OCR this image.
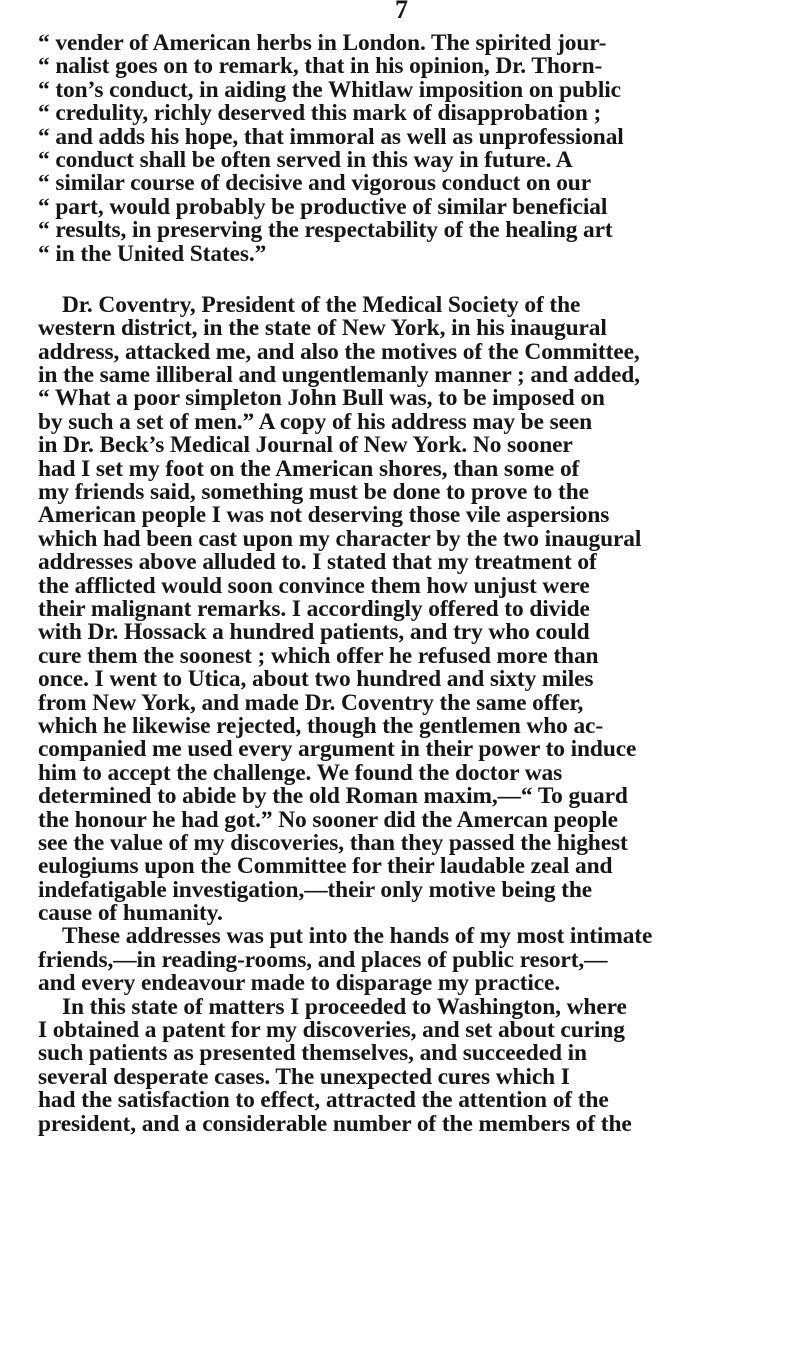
7
“ vender of American herbs in London. The spirited jour-
“ nalist goes on to remark, that in his opinion, Dr. Thorn-
“ ton’s conduct, in aiding the Whitlaw imposition on public
“ credulity, richly deserved this mark of disapprobation ;
“ and adds his hope, that immoral as well as unprofessional
“ conduct shall be often served in this way in future. A
“ similar course of decisive and vigorous conduct on our
“ part, would probably be productive of similar beneficial
“ results, in preserving the respectability of the healing art
“ in the United States.”
Dr. Coventry, President of the Medical Society of the
western district, in the state of New York, in his inaugural
address, attacked me, and also the motives of the Committee,
in the same illiberal and ungentlemanly manner ; and added,
“ What a poor simpleton John Bull was, to be imposed on
by such a set of men.” A copy of his address may be seen
in Dr. Beck’s Medical Journal of New York. No sooner
had I set my foot on the American shores, than some of
my friends said, something must be done to prove to the
American people I was not deserving those vile aspersions
which had been cast upon my character by the two inaugural
addresses above alluded to. I stated that my treatment of
the afflicted would soon convince them how unjust were
their malignant remarks. I accordingly offered to divide
with Dr. Hossack a hundred patients, and try who could
cure them the soonest ; which offer he refused more than
once. I went to Utica, about two hundred and sixty miles
from New York, and made Dr. Coventry the same offer,
which he likewise rejected, though the gentlemen who ac-
companied me used every argument in their power to induce
him to accept the challenge. We found the doctor was
determined to abide by the old Roman maxim,—“ To guard
the honour he had got.” No sooner did the Amercan people
see the value of my discoveries, than they passed the highest
eulogiums upon the Committee for their laudable zeal and
indefatigable investigation,—their only motive being the
cause of humanity.
These addresses was put into the hands of my most intimate
friends,—in reading-rooms, and places of public resort,—
and every endeavour made to disparage my practice.
In this state of matters I proceeded to Washington, where
I obtained a patent for my discoveries, and set about curing
such patients as presented themselves, and succeeded in
several desperate cases. The unexpected cures which I
had the satisfaction to effect, attracted the attention of the
president, and a considerable number of the members of the
